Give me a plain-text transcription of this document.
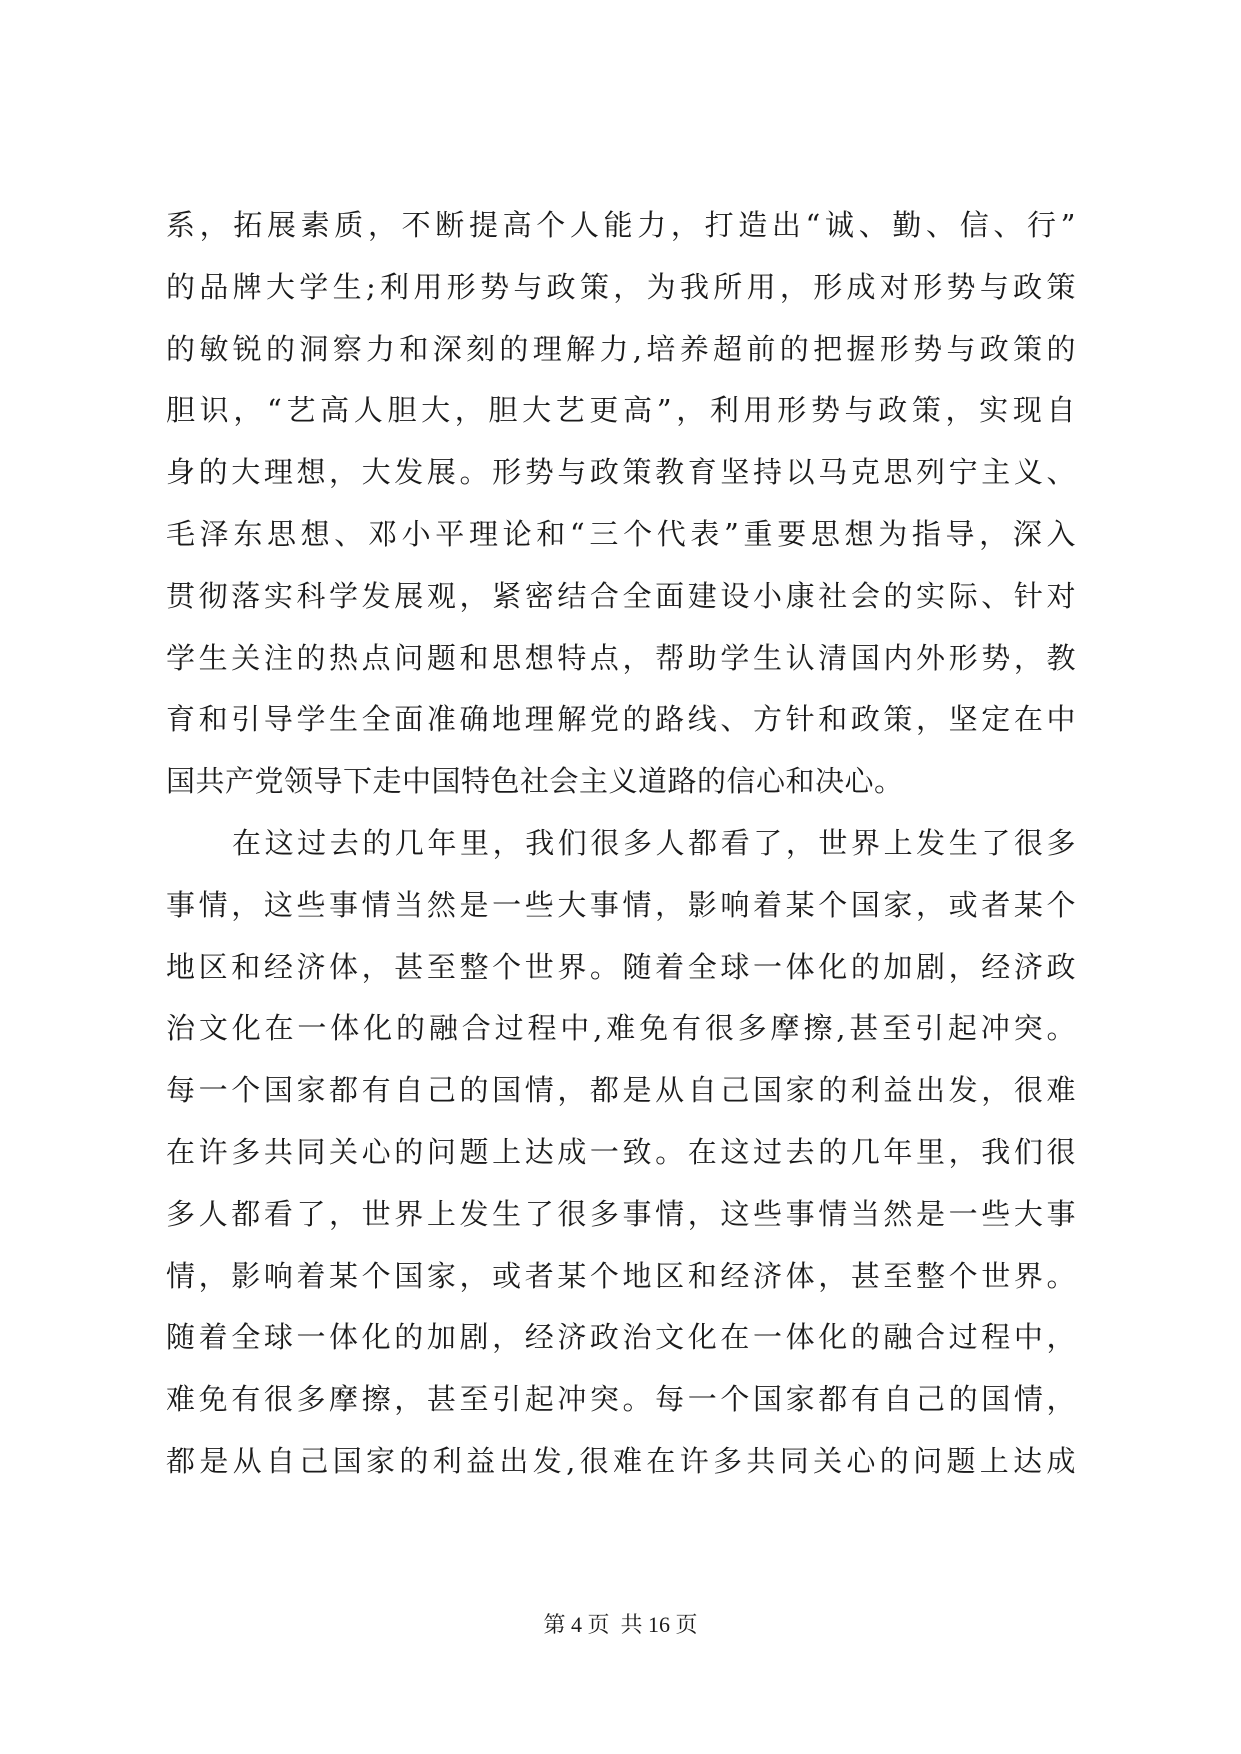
系，拓展素质，不断提高个人能力，打造出“诚、勤、信、行”
的品牌大学生;利用形势与政策，为我所用，形成对形势与政策
的敏锐的洞察力和深刻的理解力,培养超前的把握形势与政策的
胆识，“艺高人胆大，胆大艺更高”，利用形势与政策，实现自
身的大理想，大发展。形势与政策教育坚持以马克思列宁主义、
毛泽东思想、邓小平理论和“三个代表”重要思想为指导，深入
贯彻落实科学发展观，紧密结合全面建设小康社会的实际、针对
学生关注的热点问题和思想特点，帮助学生认清国内外形势，教
育和引导学生全面准确地理解党的路线、方针和政策，坚定在中
国共产党领导下走中国特色社会主义道路的信心和决心。
在这过去的几年里，我们很多人都看了，世界上发生了很多
事情，这些事情当然是一些大事情，影响着某个国家，或者某个
地区和经济体，甚至整个世界。随着全球一体化的加剧，经济政
治文化在一体化的融合过程中,难免有很多摩擦,甚至引起冲突。
每一个国家都有自己的国情，都是从自己国家的利益出发，很难
在许多共同关心的问题上达成一致。在这过去的几年里，我们很
多人都看了，世界上发生了很多事情，这些事情当然是一些大事
情，影响着某个国家，或者某个地区和经济体，甚至整个世界。
随着全球一体化的加剧，经济政治文化在一体化的融合过程中，
难免有很多摩擦，甚至引起冲突。每一个国家都有自己的国情，
都是从自己国家的利益出发,很难在许多共同关心的问题上达成
第 4 页  共 16 页
